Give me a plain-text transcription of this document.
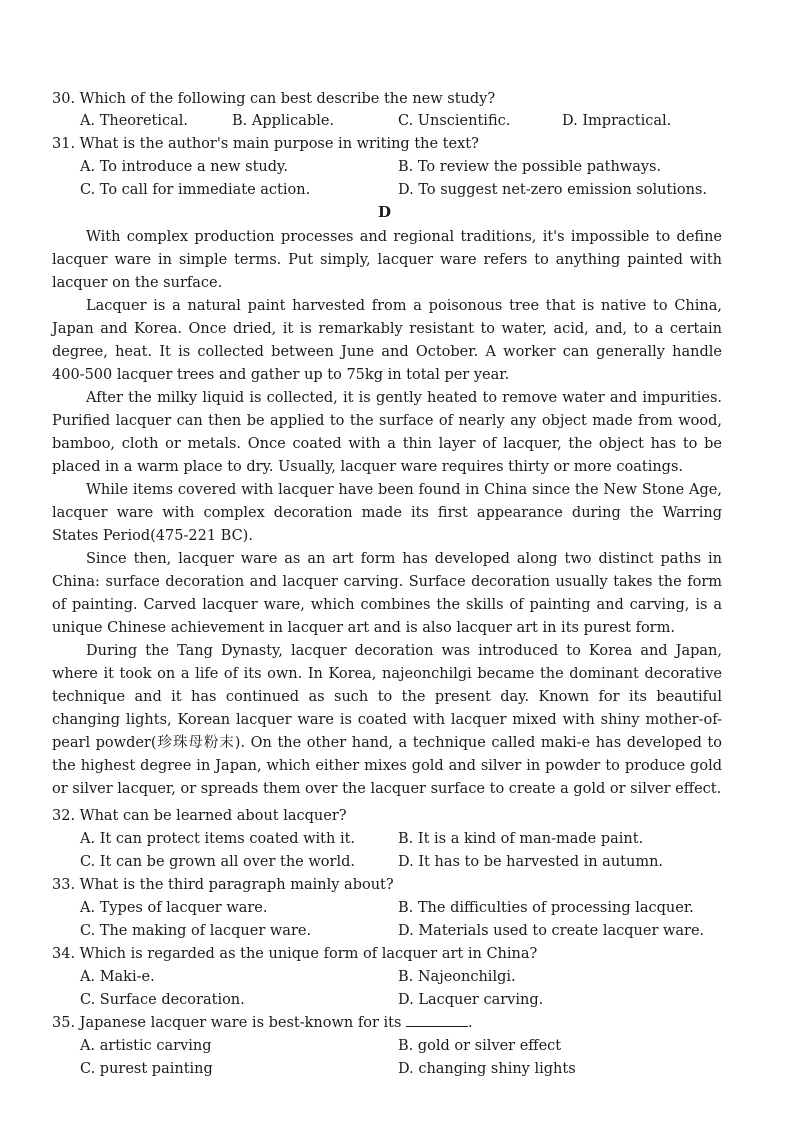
30. Which of the following can best describe the new study?
A. Theoretical.	B. Applicable.	C. Unscientific.	D. Impractical.
31. What is the author's main purpose in writing the text?
A. To introduce a new study.	B. To review the possible pathways.
C. To call for immediate action.	D. To suggest net-zero emission solutions.
D

With complex production processes and regional traditions, it's impossible to define lacquer ware in simple terms. Put simply, lacquer ware refers to anything painted with lacquer on the surface.

Lacquer is a natural paint harvested from a poisonous tree that is native to China, Japan and Korea. Once dried, it is remarkably resistant to water, acid, and, to a certain degree, heat. It is collected between June and October. A worker can generally handle 400-500 lacquer trees and gather up to 75kg in total per year.

After the milky liquid is collected, it is gently heated to remove water and impurities. Purified lacquer can then be applied to the surface of nearly any object made from wood, bamboo, cloth or metals. Once coated with a thin layer of lacquer, the object has to be placed in a warm place to dry. Usually, lacquer ware requires thirty or more coatings.

While items covered with lacquer have been found in China since the New Stone Age, lacquer ware with complex decoration made its first appearance during the Warring States Period(475-221 BC).

Since then, lacquer ware as an art form has developed along two distinct paths in China: surface decoration and lacquer carving. Surface decoration usually takes the form of painting. Carved lacquer ware, which combines the skills of painting and carving, is a unique Chinese achievement in lacquer art and is also lacquer art in its purest form.

During the Tang Dynasty, lacquer decoration was introduced to Korea and Japan, where it took on a life of its own. In Korea, najeonchilgi became the dominant decorative technique and it has continued as such to the present day. Known for its beautiful changing lights, Korean lacquer ware is coated with lacquer mixed with shiny mother-of-pearl powder(珍珠母粉末). On the other hand, a technique called maki-e has developed to the highest degree in Japan, which either mixes gold and silver in powder to produce gold or silver lacquer, or spreads them over the lacquer surface to create a gold or silver effect.

32. What can be learned about lacquer?
A. It can protect items coated with it.	B. It is a kind of man-made paint.
C. It can be grown all over the world.	D. It has to be harvested in autumn.
33. What is the third paragraph mainly about?
A. Types of lacquer ware.	B. The difficulties of processing lacquer.
C. The making of lacquer ware.	D. Materials used to create lacquer ware.
34. Which is regarded as the unique form of lacquer art in China?
A. Maki-e.	B. Najeonchilgi.
C. Surface decoration.	D. Lacquer carving.
35. Japanese lacquer ware is best-known for its	.
A. artistic carving	B. gold or silver effect
C. purest painting	D. changing shiny lights
